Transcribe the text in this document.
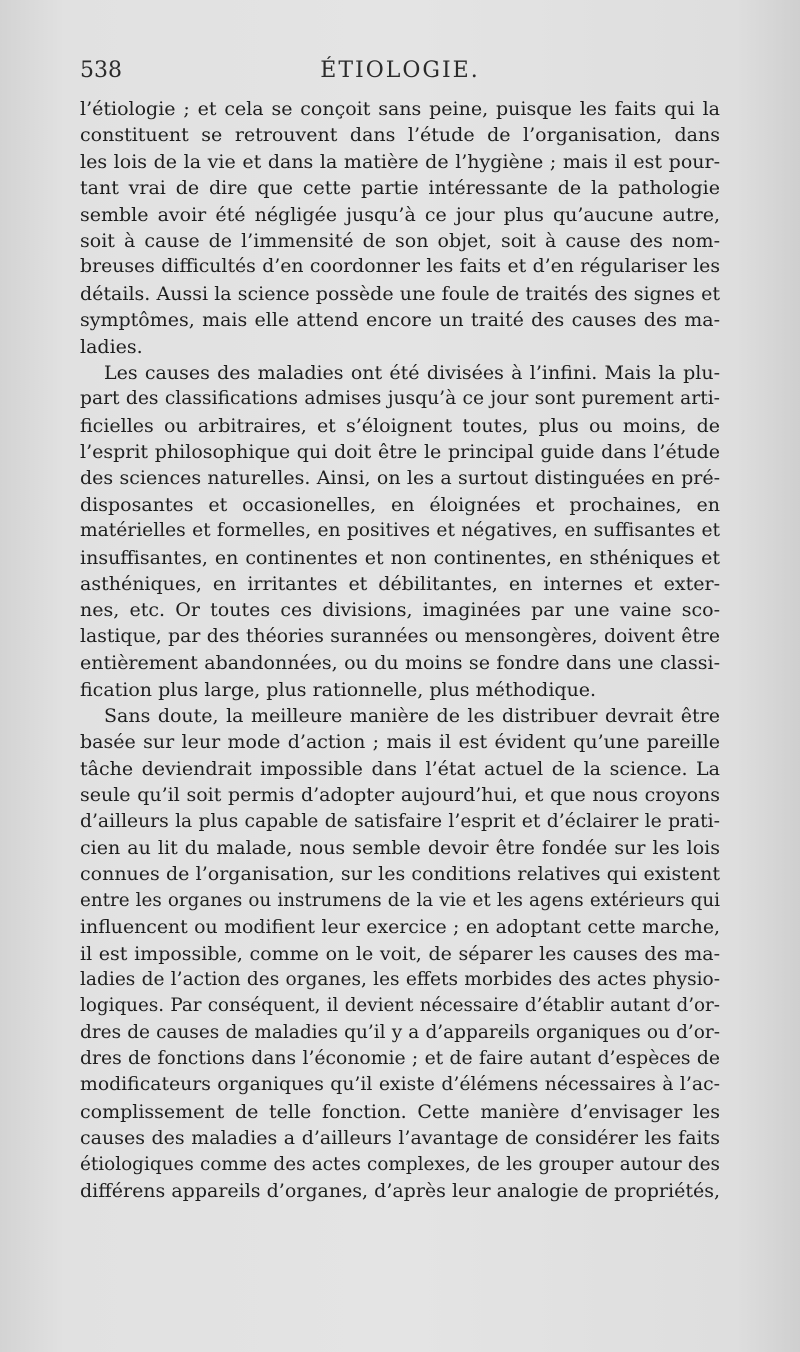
538	ÉTIOLOGIE.
l’étiologie ; et cela se conçoit sans peine, puisque les faits qui la
constituent se retrouvent dans l’étude de l’organisation, dans
les lois de la vie et dans la matière de l’hygiène ; mais il est pour-
tant vrai de dire que cette partie intéressante de la pathologie
semble avoir été négligée jusqu’à ce jour plus qu’aucune autre,
soit à cause de l’immensité de son objet, soit à cause des nom-
breuses difficultés d’en coordonner les faits et d’en régulariser les
détails. Aussi la science possède une foule de traités des signes et
symptômes, mais elle attend encore un traité des causes des ma-
ladies.
Les causes des maladies ont été divisées à l’infini. Mais la plu-
part des classifications admises jusqu’à ce jour sont purement arti-
ficielles ou arbitraires, et s’éloignent toutes, plus ou moins, de
l’esprit philosophique qui doit être le principal guide dans l’étude
des sciences naturelles. Ainsi, on les a surtout distinguées en pré-
disposantes et occasionelles, en éloignées et prochaines, en
matérielles et formelles, en positives et négatives, en suffisantes et
insuffisantes, en continentes et non continentes, en sthéniques et
asthéniques, en irritantes et débilitantes, en internes et exter-
nes, etc. Or toutes ces divisions, imaginées par une vaine sco-
lastique, par des théories surannées ou mensongères, doivent être
entièrement abandonnées, ou du moins se fondre dans une classi-
fication plus large, plus rationnelle, plus méthodique.
Sans doute, la meilleure manière de les distribuer devrait être
basée sur leur mode d’action ; mais il est évident qu’une pareille
tâche deviendrait impossible dans l’état actuel de la science. La
seule qu’il soit permis d’adopter aujourd’hui, et que nous croyons
d’ailleurs la plus capable de satisfaire l’esprit et d’éclairer le prati-
cien au lit du malade, nous semble devoir être fondée sur les lois
connues de l’organisation, sur les conditions relatives qui existent
entre les organes ou instrumens de la vie et les agens extérieurs qui
influencent ou modifient leur exercice ; en adoptant cette marche,
il est impossible, comme on le voit, de séparer les causes des ma-
ladies de l’action des organes, les effets morbides des actes physio-
logiques. Par conséquent, il devient nécessaire d’établir autant d’or-
dres de causes de maladies qu’il y a d’appareils organiques ou d’or-
dres de fonctions dans l’économie ; et de faire autant d’espèces de
modificateurs organiques qu’il existe d’élémens nécessaires à l’ac-
complissement de telle fonction. Cette manière d’envisager les
causes des maladies a d’ailleurs l’avantage de considérer les faits
étiologiques comme des actes complexes, de les grouper autour des
différens appareils d’organes, d’après leur analogie de propriétés,
